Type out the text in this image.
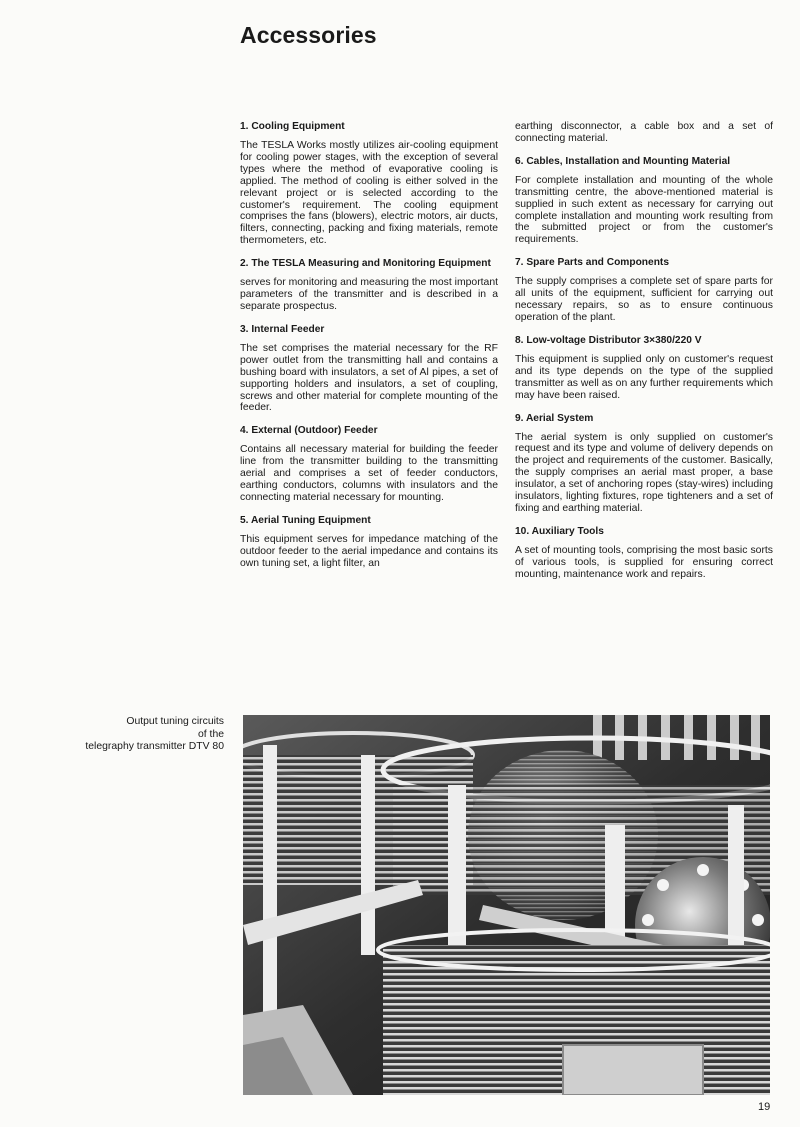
Accessories
1. Cooling Equipment

The TESLA Works mostly utilizes air-cooling equipment for cooling power stages, with the exception of several types where the method of evaporative cooling is applied. The method of cooling is either solved in the relevant project or is selected according to the customer's requirement. The cooling equipment comprises the fans (blowers), electric motors, air ducts, filters, connecting, packing and fixing materials, remote thermometers, etc.

2. The TESLA Measuring and Monitoring Equipment

serves for monitoring and measuring the most important parameters of the transmitter and is described in a separate prospectus.

3. Internal Feeder

The set comprises the material necessary for the RF power outlet from the transmitting hall and contains a bushing board with insulators, a set of Al pipes, a set of supporting holders and insulators, a set of coupling, screws and other material for complete mounting of the feeder.

4. External (Outdoor) Feeder

Contains all necessary material for building the feeder line from the transmitter building to the transmitting aerial and comprises a set of feeder conductors, earthing conductors, columns with insulators and the connecting material necessary for mounting.

5. Aerial Tuning Equipment

This equipment serves for impedance matching of the outdoor feeder to the aerial impedance and contains its own tuning set, a light filter, an

earthing disconnector, a cable box and a set of connecting material.

6. Cables, Installation and Mounting Material

For complete installation and mounting of the whole transmitting centre, the above-mentioned material is supplied in such extent as necessary for carrying out complete installation and mounting work resulting from the submitted project or from the customer's requirements.

7. Spare Parts and Components

The supply comprises a complete set of spare parts for all units of the equipment, sufficient for carrying out necessary repairs, so as to ensure continuous operation of the plant.

8. Low-voltage Distributor 3×380/220 V

This equipment is supplied only on customer's request and its type depends on the type of the supplied transmitter as well as on any further requirements which may have been raised.

9. Aerial System

The aerial system is only supplied on customer's request and its type and volume of delivery depends on the project and requirements of the customer. Basically, the supply comprises an aerial mast proper, a base insulator, a set of anchoring ropes (stay-wires) including insulators, lighting fixtures, rope tighteners and a set of fixing and earthing material.

10. Auxiliary Tools

A set of mounting tools, comprising the most basic sorts of various tools, is supplied for ensuring correct mounting, maintenance work and repairs.

Output tuning circuits
of the
telegraphy transmitter DTV 80
19
